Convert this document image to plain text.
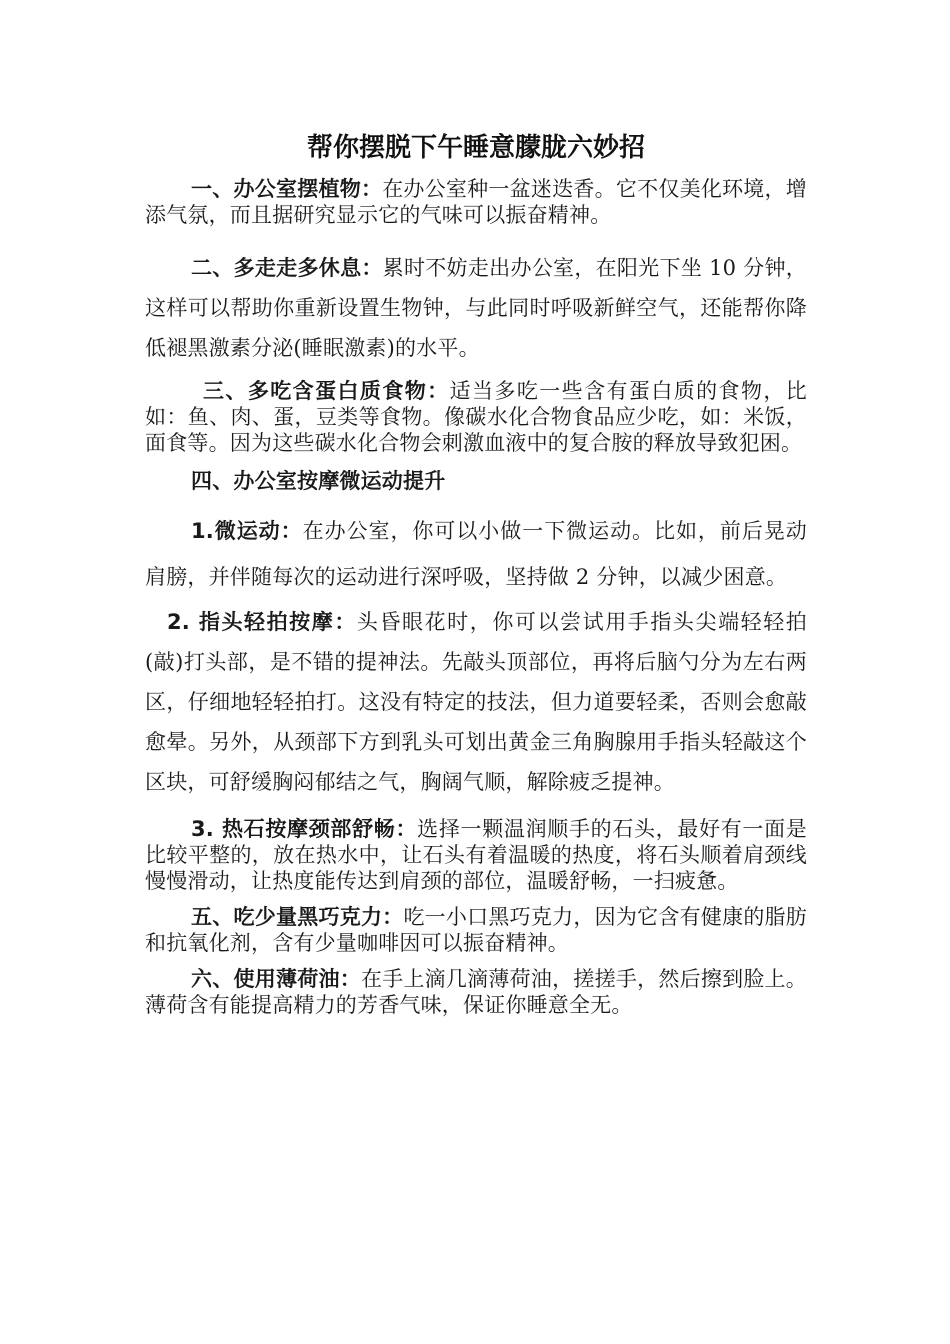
帮你摆脱下午睡意朦胧六妙招

一、办公室摆植物：在办公室种一盆迷迭香。它不仅美化环境，增添气氛，而且据研究显示它的气味可以振奋精神。

二、多走走多休息：累时不妨走出办公室，在阳光下坐 10 分钟，这样可以帮助你重新设置生物钟，与此同时呼吸新鲜空气，还能帮你降低褪黑激素分泌(睡眠激素)的水平。

三、多吃含蛋白质食物：适当多吃一些含有蛋白质的食物，比如：鱼、肉、蛋，豆类等食物。像碳水化合物食品应少吃，如：米饭，面食等。因为这些碳水化合物会刺激血液中的复合胺的释放导致犯困。

四、办公室按摩微运动提升

1.微运动：在办公室，你可以小做一下微运动。比如，前后晃动肩膀，并伴随每次的运动进行深呼吸，坚持做 2 分钟，以减少困意。

2. 指头轻拍按摩：头昏眼花时，你可以尝试用手指头尖端轻轻拍(敲)打头部，是不错的提神法。先敲头顶部位，再将后脑勺分为左右两区，仔细地轻轻拍打。这没有特定的技法，但力道要轻柔，否则会愈敲愈晕。另外，从颈部下方到乳头可划出黄金三角胸腺用手指头轻敲这个区块，可舒缓胸闷郁结之气，胸阔气顺，解除疲乏提神。

3. 热石按摩颈部舒畅：选择一颗温润顺手的石头，最好有一面是比较平整的，放在热水中，让石头有着温暖的热度，将石头顺着肩颈线慢慢滑动，让热度能传达到肩颈的部位，温暖舒畅，一扫疲惫。

五、吃少量黑巧克力：吃一小口黑巧克力，因为它含有健康的脂肪和抗氧化剂，含有少量咖啡因可以振奋精神。

六、使用薄荷油：在手上滴几滴薄荷油，搓搓手，然后擦到脸上。薄荷含有能提高精力的芳香气味，保证你睡意全无。
